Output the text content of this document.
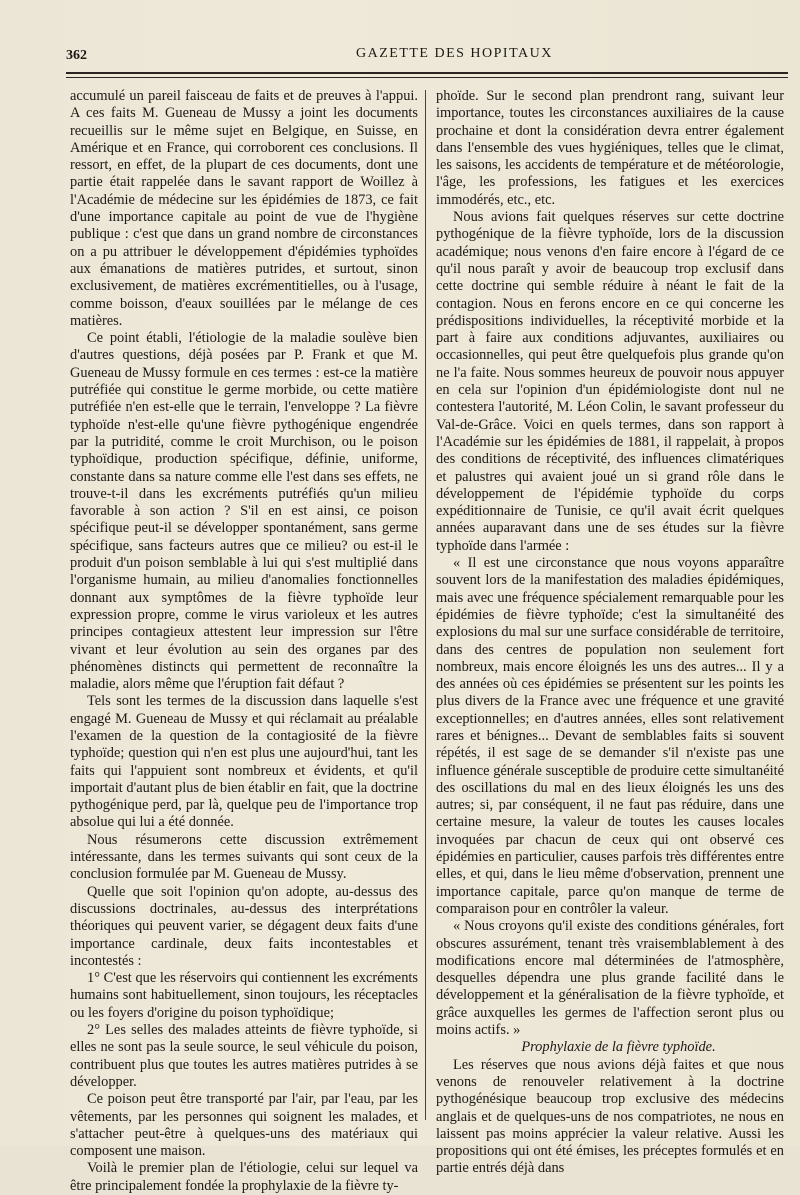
362	GAZETTE DES HOPITAUX

accumulé un pareil faisceau de faits et de preuves à l'appui. A ces faits M. Gueneau de Mussy a joint les documents recueillis sur le même sujet en Belgique, en Suisse, en Amérique et en France, qui corroborent ces conclusions. Il ressort, en effet, de la plupart de ces documents, dont une partie était rappelée dans le savant rapport de Woillez à l'Académie de médecine sur les épidémies de 1873, ce fait d'une importance capitale au point de vue de l'hygiène publique : c'est que dans un grand nombre de circonstances on a pu attribuer le développement d'épidémies typhoïdes aux émanations de matières putrides, et surtout, sinon exclusivement, de matières excrémentitielles, ou à l'usage, comme boisson, d'eaux souillées par le mélange de ces matières.

Ce point établi, l'étiologie de la maladie soulève bien d'autres questions, déjà posées par P. Frank et que M. Gueneau de Mussy formule en ces termes : est-ce la matière putréfiée qui constitue le germe morbide, ou cette matière putréfiée n'en est-elle que le terrain, l'enveloppe ? La fièvre typhoïde n'est-elle qu'une fièvre pythogénique engendrée par la putridité, comme le croit Murchison, ou le poison typhoïdique, production spécifique, définie, uniforme, constante dans sa nature comme elle l'est dans ses effets, ne trouve-t-il dans les excréments putréfiés qu'un milieu favorable à son action ? S'il en est ainsi, ce poison spécifique peut-il se développer spontanément, sans germe spécifique, sans facteurs autres que ce milieu? ou est-il le produit d'un poison semblable à lui qui s'est multiplié dans l'organisme humain, au milieu d'anomalies fonctionnelles donnant aux symptômes de la fièvre typhoïde leur expression propre, comme le virus varioleux et les autres principes contagieux attestent leur impression sur l'être vivant et leur évolution au sein des organes par des phénomènes distincts qui permettent de reconnaître la maladie, alors même que l'éruption fait défaut ?

Tels sont les termes de la discussion dans laquelle s'est engagé M. Gueneau de Mussy et qui réclamait au préalable l'examen de la question de la contagiosité de la fièvre typhoïde; question qui n'en est plus une aujourd'hui, tant les faits qui l'appuient sont nombreux et évidents, et qu'il importait d'autant plus de bien établir en fait, que la doctrine pythogénique perd, par là, quelque peu de l'importance trop absolue qui lui a été donnée.

Nous résumerons cette discussion extrêmement intéressante, dans les termes suivants qui sont ceux de la conclusion formulée par M. Gueneau de Mussy.

Quelle que soit l'opinion qu'on adopte, au-dessus des discussions doctrinales, au-dessus des interprétations théoriques qui peuvent varier, se dégagent deux faits d'une importance cardinale, deux faits incontestables et incontestés :

1° C'est que les réservoirs qui contiennent les excréments humains sont habituellement, sinon toujours, les réceptacles ou les foyers d'origine du poison typhoïdique;

2° Les selles des malades atteints de fièvre typhoïde, si elles ne sont pas la seule source, le seul véhicule du poison, contribuent plus que toutes les autres matières putrides à se développer.

Ce poison peut être transporté par l'air, par l'eau, par les vêtements, par les personnes qui soignent les malades, et s'attacher peut-être à quelques-uns des matériaux qui composent une maison.

Voilà le premier plan de l'étiologie, celui sur lequel va être principalement fondée la prophylaxie de la fièvre ty-

phoïde. Sur le second plan prendront rang, suivant leur importance, toutes les circonstances auxiliaires de la cause prochaine et dont la considération devra entrer également dans l'ensemble des vues hygiéniques, telles que le climat, les saisons, les accidents de température et de météorologie, l'âge, les professions, les fatigues et les exercices immodérés, etc., etc.

Nous avions fait quelques réserves sur cette doctrine pythogénique de la fièvre typhoïde, lors de la discussion académique; nous venons d'en faire encore à l'égard de ce qu'il nous paraît y avoir de beaucoup trop exclusif dans cette doctrine qui semble réduire à néant le fait de la contagion. Nous en ferons encore en ce qui concerne les prédispositions individuelles, la réceptivité morbide et la part à faire aux conditions adjuvantes, auxiliaires ou occasionnelles, qui peut être quelquefois plus grande qu'on ne l'a faite. Nous sommes heureux de pouvoir nous appuyer en cela sur l'opinion d'un épidémiologiste dont nul ne contestera l'autorité, M. Léon Colin, le savant professeur du Val-de-Grâce. Voici en quels termes, dans son rapport à l'Académie sur les épidémies de 1881, il rappelait, à propos des conditions de réceptivité, des influences climatériques et palustres qui avaient joué un si grand rôle dans le développement de l'épidémie typhoïde du corps expéditionnaire de Tunisie, ce qu'il avait écrit quelques années auparavant dans une de ses études sur la fièvre typhoïde dans l'armée :

« Il est une circonstance que nous voyons apparaître souvent lors de la manifestation des maladies épidémiques, mais avec une fréquence spécialement remarquable pour les épidémies de fièvre typhoïde; c'est la simultanéité des explosions du mal sur une surface considérable de territoire, dans des centres de population non seulement fort nombreux, mais encore éloignés les uns des autres... Il y a des années où ces épidémies se présentent sur les points les plus divers de la France avec une fréquence et une gravité exceptionnelles; en d'autres années, elles sont relativement rares et bénignes... Devant de semblables faits si souvent répétés, il est sage de se demander s'il n'existe pas une influence générale susceptible de produire cette simultanéité des oscillations du mal en des lieux éloignés les uns des autres; si, par conséquent, il ne faut pas réduire, dans une certaine mesure, la valeur de toutes les causes locales invoquées par chacun de ceux qui ont observé ces épidémies en particulier, causes parfois très différentes entre elles, et qui, dans le lieu même d'observation, prennent une importance capitale, parce qu'on manque de terme de comparaison pour en contrôler la valeur.

« Nous croyons qu'il existe des conditions générales, fort obscures assurément, tenant très vraisemblablement à des modifications encore mal déterminées de l'atmosphère, desquelles dépendra une plus grande facilité dans le développement et la généralisation de la fièvre typhoïde, et grâce auxquelles les germes de l'affection seront plus ou moins actifs. »

Prophylaxie de la fièvre typhoïde.

Les réserves que nous avions déjà faites et que nous venons de renouveler relativement à la doctrine pythogénésique beaucoup trop exclusive des médecins anglais et de quelques-uns de nos compatriotes, ne nous en laissent pas moins apprécier la valeur relative. Aussi les propositions qui ont été émises, les préceptes formulés et en partie entrés déjà dans
